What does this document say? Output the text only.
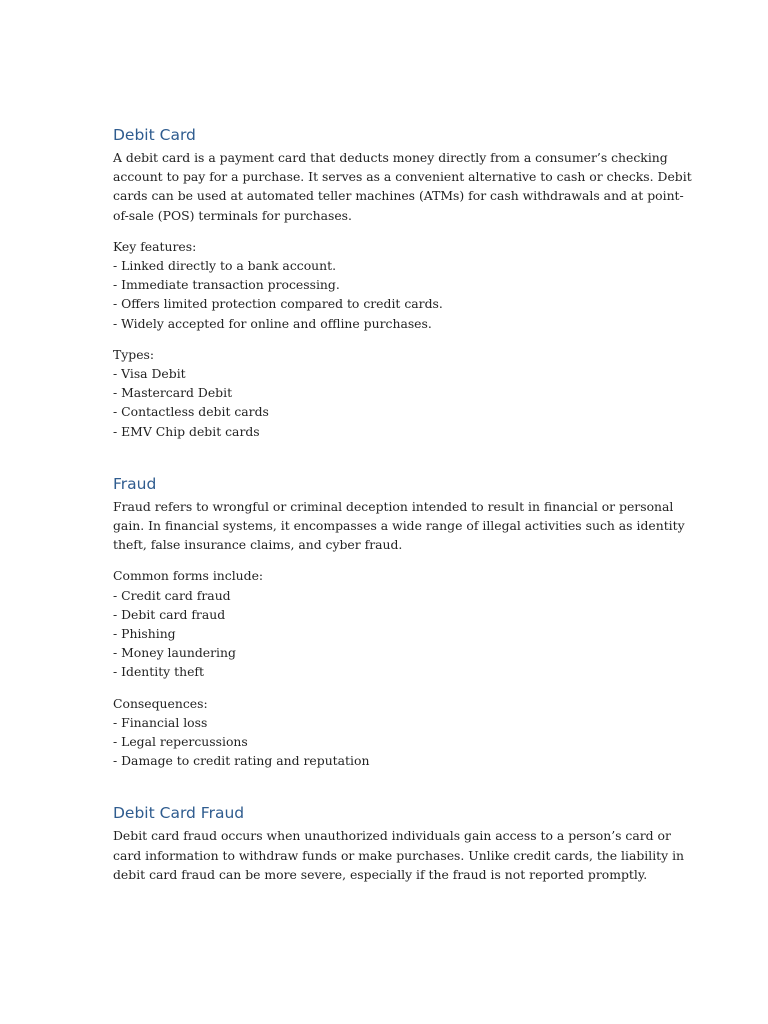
Debit Card

A debit card is a payment card that deducts money directly from a consumer’s checking
account to pay for a purchase. It serves as a convenient alternative to cash or checks. Debit
cards can be used at automated teller machines (ATMs) for cash withdrawals and at point-
of-sale (POS) terminals for purchases.

Key features:
- Linked directly to a bank account.
- Immediate transaction processing.
- Offers limited protection compared to credit cards.
- Widely accepted for online and offline purchases.
Types:
- Visa Debit
- Mastercard Debit
- Contactless debit cards
- EMV Chip debit cards
Fraud

Fraud refers to wrongful or criminal deception intended to result in financial or personal
gain. In financial systems, it encompasses a wide range of illegal activities such as identity
theft, false insurance claims, and cyber fraud.

Common forms include:
- Credit card fraud
- Debit card fraud
- Phishing
- Money laundering
- Identity theft
Consequences:
- Financial loss
- Legal repercussions
- Damage to credit rating and reputation
Debit Card Fraud

Debit card fraud occurs when unauthorized individuals gain access to a person’s card or
card information to withdraw funds or make purchases. Unlike credit cards, the liability in
debit card fraud can be more severe, especially if the fraud is not reported promptly.
